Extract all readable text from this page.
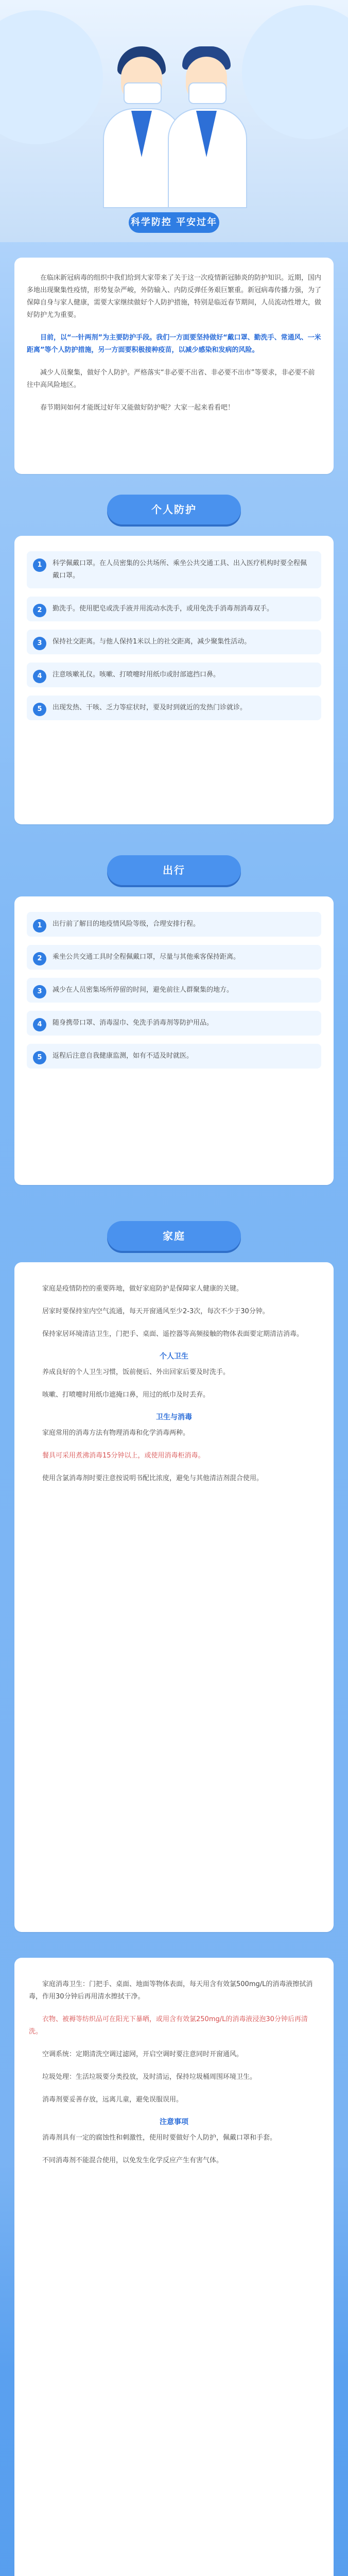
科学防控 平安过年

在临床新冠病毒的组织中我们给到大家带来了关于这一次疫情新冠肺炎的防护知识。近期，国内多地出现聚集性疫情，形势复杂严峻，外防输入、内防反弹任务艰巨繁重。新冠病毒传播力强，为了保障自身与家人健康，需要大家继续做好个人防护措施，特别是临近春节期间，人员流动性增大，做好防护尤为重要。

目前，以“一针两剂”为主要防护手段。我们一方面要坚持做好“戴口罩、勤洗手、常通风、一米距离”等个人防护措施，另一方面要积极接种疫苗，以减少感染和发病的风险。

减少人员聚集，做好个人防护。严格落实“非必要不出省、非必要不出市”等要求，非必要不前往中高风险地区。

春节期间如何才能既过好年又能做好防护呢？大家一起来看看吧！

个人防护
1	科学佩戴口罩。在人员密集的公共场所、乘坐公共交通工具、出入医疗机构时要全程佩戴口罩。
2	勤洗手。使用肥皂或洗手液并用流动水洗手，或用免洗手消毒剂消毒双手。
3	保持社交距离。与他人保持1米以上的社交距离，减少聚集性活动。
4	注意咳嗽礼仪。咳嗽、打喷嚏时用纸巾或肘部遮挡口鼻。
5	出现发热、干咳、乏力等症状时，要及时到就近的发热门诊就诊。
出行
1	出行前了解目的地疫情风险等级，合理安排行程。
2	乘坐公共交通工具时全程佩戴口罩，尽量与其他乘客保持距离。
3	减少在人员密集场所停留的时间，避免前往人群聚集的地方。
4	随身携带口罩、消毒湿巾、免洗手消毒剂等防护用品。
5	返程后注意自我健康监测，如有不适及时就医。
家庭

家庭是疫情防控的重要阵地，做好家庭防护是保障家人健康的关键。

居家时要保持室内空气流通，每天开窗通风至少2-3次，每次不少于30分钟。

保持家居环境清洁卫生，门把手、桌面、遥控器等高频接触的物体表面要定期清洁消毒。

个人卫生

养成良好的个人卫生习惯，饭前便后、外出回家后要及时洗手。

咳嗽、打喷嚏时用纸巾遮掩口鼻，用过的纸巾及时丢弃。

卫生与消毒

家庭常用的消毒方法有物理消毒和化学消毒两种。

餐具可采用煮沸消毒15分钟以上，或使用消毒柜消毒。

使用含氯消毒剂时要注意按说明书配比浓度，避免与其他清洁剂混合使用。

家庭消毒卫生：门把手、桌面、地面等物体表面，每天用含有效氯500mg/L的消毒液擦拭消毒，作用30分钟后再用清水擦拭干净。

衣物、被褥等纺织品可在阳光下暴晒，或用含有效氯250mg/L的消毒液浸泡30分钟后再清洗。

空调系统：定期清洗空调过滤网，开启空调时要注意同时开窗通风。

垃圾处理：生活垃圾要分类投放，及时清运，保持垃圾桶周围环境卫生。

消毒剂要妥善存放，远离儿童，避免误服误用。

注意事项

消毒剂具有一定的腐蚀性和刺激性，使用时要做好个人防护，佩戴口罩和手套。

不同消毒剂不能混合使用，以免发生化学反应产生有害气体。
